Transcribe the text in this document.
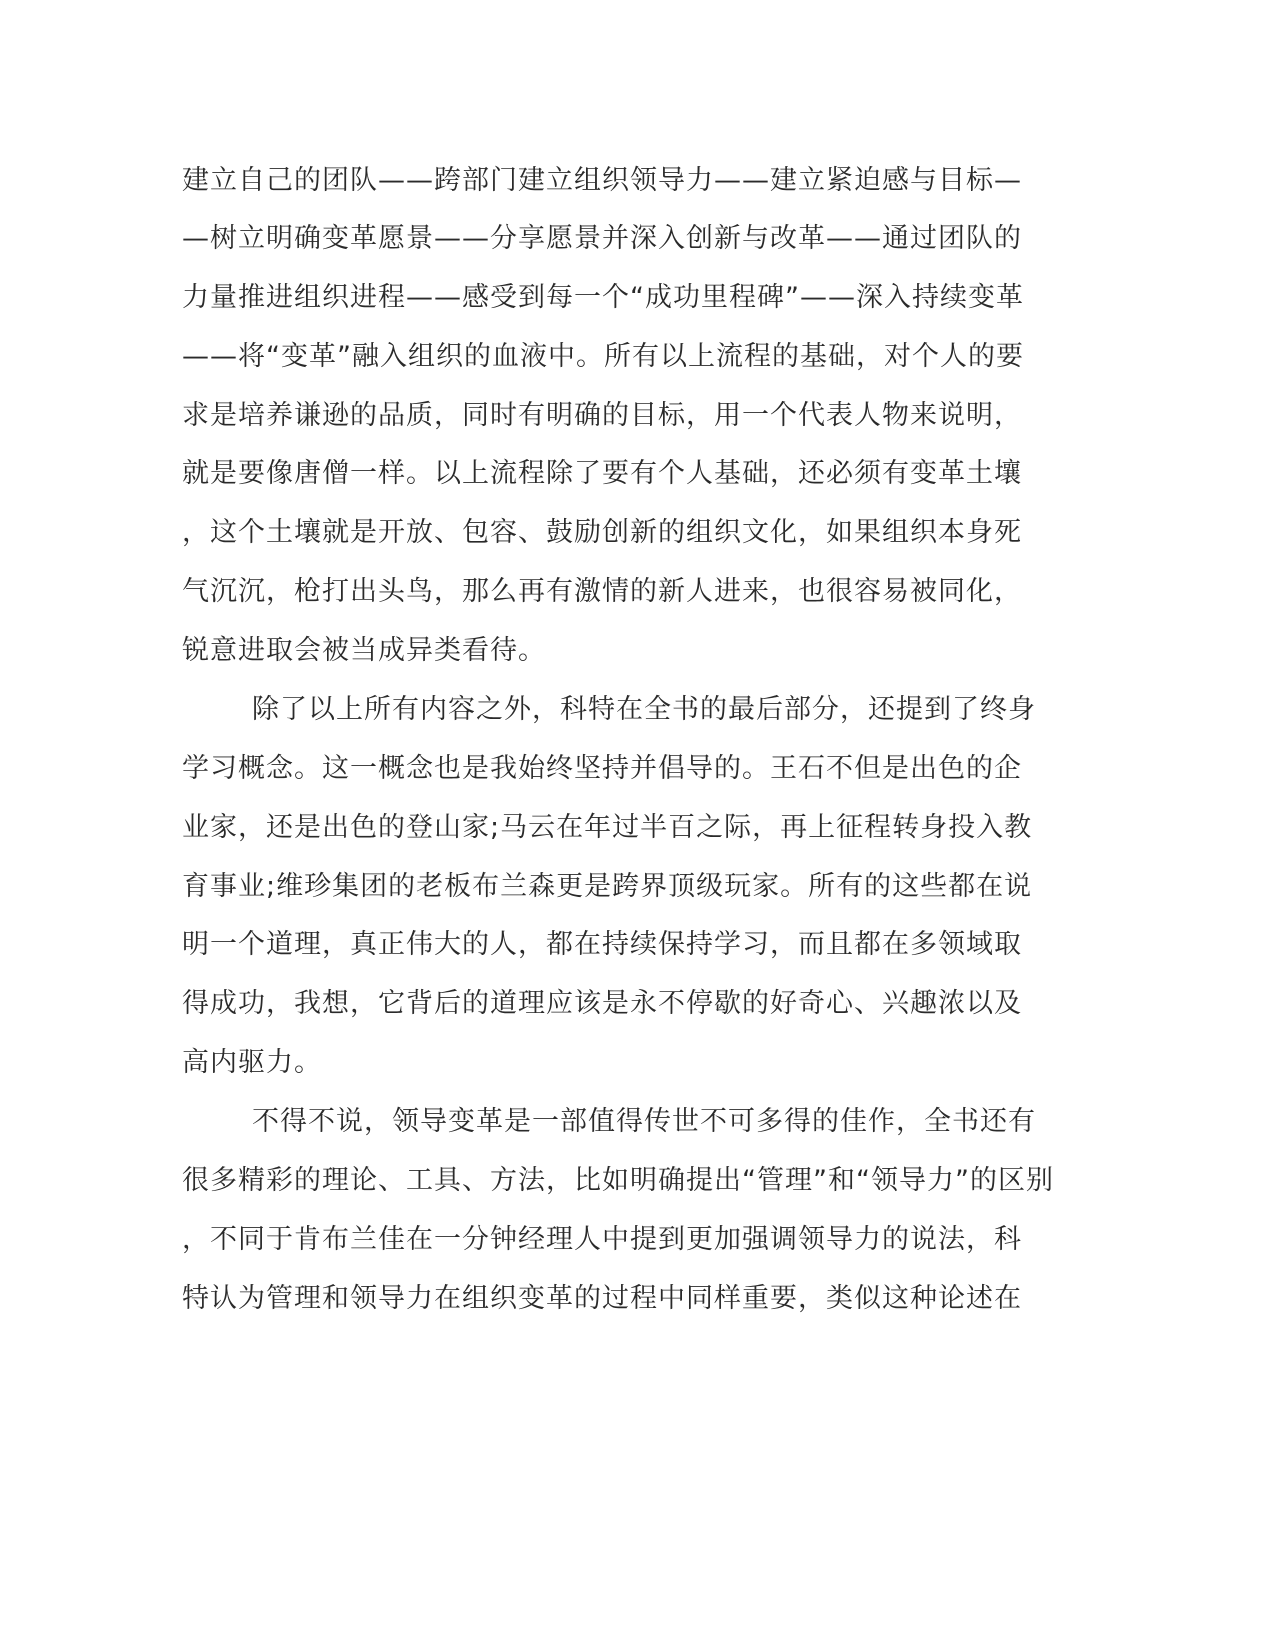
建立自己的团队——跨部门建立组织领导力——建立紧迫感与目标—
—树立明确变革愿景——分享愿景并深入创新与改革——通过团队的
力量推进组织进程——感受到每一个“成功里程碑”——深入持续变革
——将“变革”融入组织的血液中。所有以上流程的基础，对个人的要
求是培养谦逊的品质，同时有明确的目标，用一个代表人物来说明，
就是要像唐僧一样。以上流程除了要有个人基础，还必须有变革土壤
，这个土壤就是开放、包容、鼓励创新的组织文化，如果组织本身死
气沉沉，枪打出头鸟，那么再有激情的新人进来，也很容易被同化，
锐意进取会被当成异类看待。
除了以上所有内容之外，科特在全书的最后部分，还提到了终身
学习概念。这一概念也是我始终坚持并倡导的。王石不但是出色的企
业家，还是出色的登山家;马云在年过半百之际，再上征程转身投入教
育事业;维珍集团的老板布兰森更是跨界顶级玩家。所有的这些都在说
明一个道理，真正伟大的人，都在持续保持学习，而且都在多领域取
得成功，我想，它背后的道理应该是永不停歇的好奇心、兴趣浓以及
高内驱力。
不得不说，领导变革是一部值得传世不可多得的佳作，全书还有
很多精彩的理论、工具、方法，比如明确提出“管理”和“领导力”的区别
，不同于肯布兰佳在一分钟经理人中提到更加强调领导力的说法，科
特认为管理和领导力在组织变革的过程中同样重要，类似这种论述在
